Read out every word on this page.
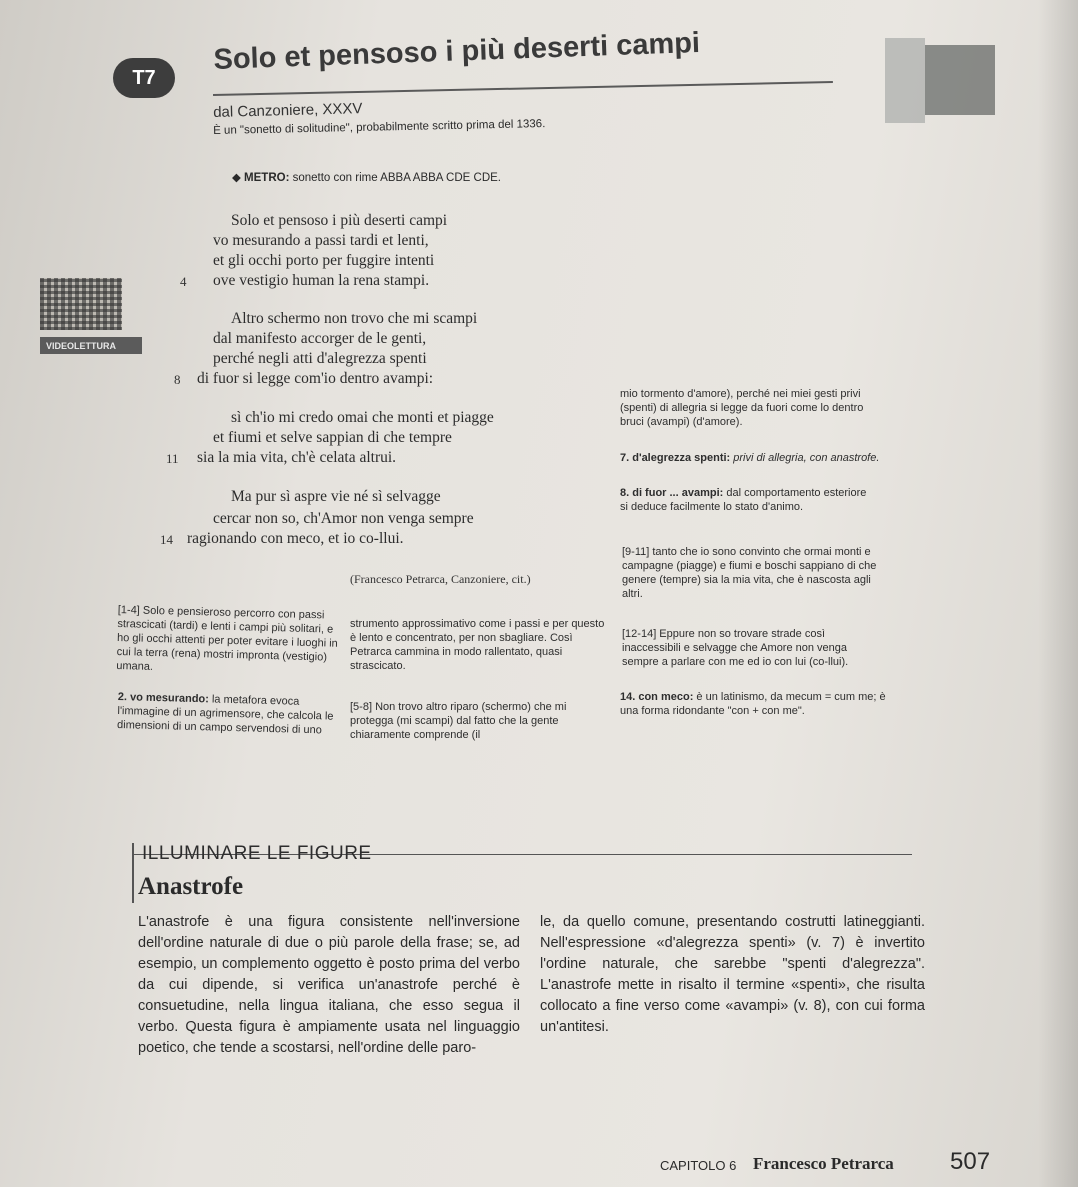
T7
Solo et pensoso i più deserti campi
dal Canzoniere, XXXV
È un "sonetto di solitudine", probabilmente scritto prima del 1336.
◆ METRO: sonetto con rime ABBA ABBA CDE CDE.
VIDEOLETTURA
Solo et pensoso i più deserti campi
vo mesurando a passi tardi et lenti,
et gli occhi porto per fuggire intenti
4 ove vestigio human la rena stampi.
Altro schermo non trovo che mi scampi
dal manifesto accorger de le genti,
perché negli atti d'alegrezza spenti
8 di fuor si legge com'io dentro avampi:
sì ch'io mi credo omai che monti et piagge
et fiumi et selve sappian di che tempre
11 sia la mia vita, ch'è celata altrui.
Ma pur sì aspre vie né sì selvagge
cercar non so, ch'Amor non venga sempre
14 ragionando con meco, et io co-llui.
(Francesco Petrarca, Canzoniere, cit.)
mio tormento d'amore), perché nei miei gesti privi (spenti) di allegria si legge da fuori come lo dentro bruci (avampi) (d'amore).
7. d'alegrezza spenti: privi di allegria, con anastrofe.
8. di fuor ... avampi: dal comportamento esteriore si deduce facilmente lo stato d'animo.
[9-11] tanto che io sono convinto che ormai monti e campagne (piagge) e fiumi e boschi sappiano di che genere (tempre) sia la mia vita, che è nascosta agli altri.
[12-14] Eppure non so trovare strade così inaccessibili e selvagge che Amore non venga sempre a parlare con me ed io con lui (co-llui).
14. con meco: è un latinismo, da mecum = cum me; è una forma ridondante "con + con me".
[1-4] Solo e pensieroso percorro con passi strascicati (tardi) e lenti i campi più solitari, e ho gli occhi attenti per poter evitare i luoghi in cui la terra (rena) mostri impronta (vestigio) umana.
2. vo mesurando: la metafora evoca l'immagine di un agrimensore, che calcola le dimensioni di un campo servendosi di uno
strumento approssimativo come i passi e per questo è lento e concentrato, per non sbagliare. Così Petrarca cammina in modo rallentato, quasi strascicato.
[5-8] Non trovo altro riparo (schermo) che mi protegga (mi scampi) dal fatto che la gente chiaramente comprende (il
ILLUMINARE LE FIGURE
Anastrofe
L'anastrofe è una figura consistente nell'inversione dell'ordine naturale di due o più parole della frase; se, ad esempio, un complemento oggetto è posto prima del verbo da cui dipende, si verifica un'anastrofe perché è consuetudine, nella lingua italiana, che esso segua il verbo. Questa figura è ampiamente usata nel linguaggio poetico, che tende a scostarsi, nell'ordine delle paro-
le, da quello comune, presentando costrutti latineggianti. Nell'espressione «d'alegrezza spenti» (v. 7) è invertito l'ordine naturale, che sarebbe "spenti d'alegrezza". L'anastrofe mette in risalto il termine «spenti», che risulta collocato a fine verso come «avampi» (v. 8), con cui forma un'antitesi.
CAPITOLO 6 Francesco Petrarca 507
